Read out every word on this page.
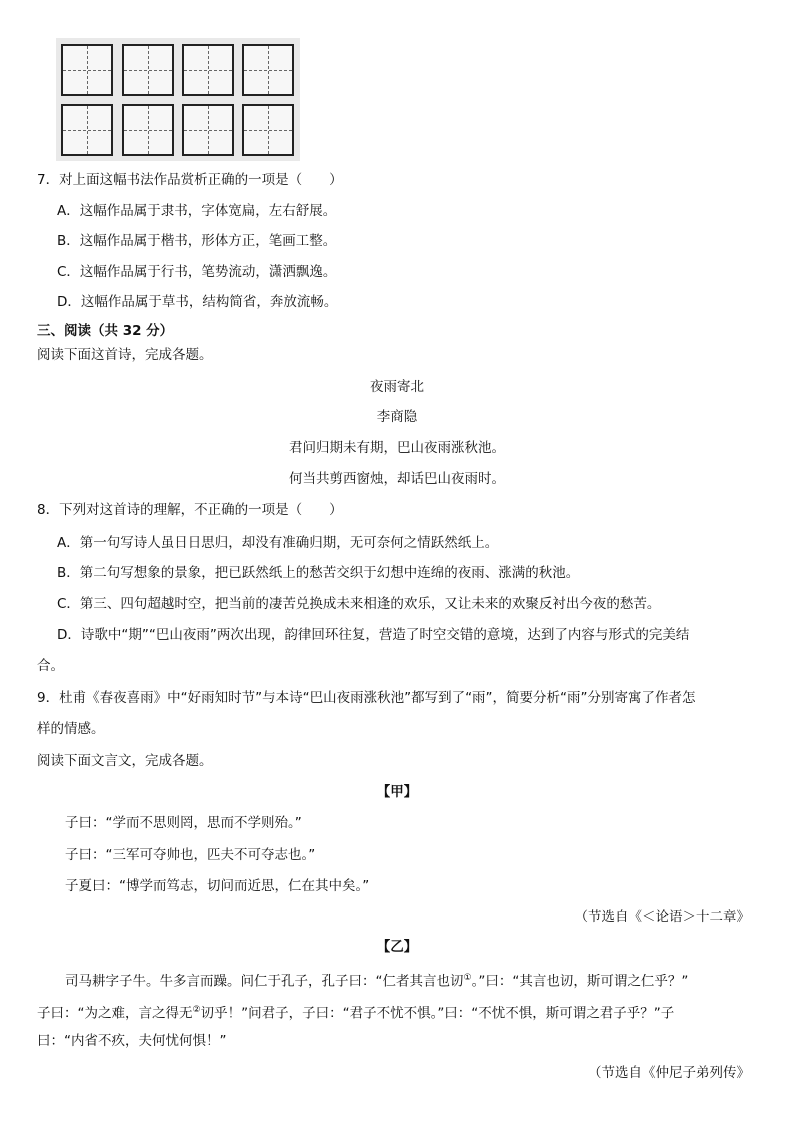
7．对上面这幅书法作品赏析正确的一项是（　　）
A．这幅作品属于隶书，字体宽扁，左右舒展。
B．这幅作品属于楷书，形体方正，笔画工整。
C．这幅作品属于行书，笔势流动，潇洒飘逸。
D．这幅作品属于草书，结构简省，奔放流畅。
三、阅读（共 32 分）
阅读下面这首诗，完成各题。
夜雨寄北
李商隐
君问归期未有期，巴山夜雨涨秋池。
何当共剪西窗烛，却话巴山夜雨时。
8．下列对这首诗的理解，不正确的一项是（　　）
A．第一句写诗人虽日日思归，却没有准确归期，无可奈何之情跃然纸上。
B．第二句写想象的景象，把已跃然纸上的愁苦交织于幻想中连绵的夜雨、涨满的秋池。
C．第三、四句超越时空，把当前的凄苦兑换成未来相逢的欢乐，又让未来的欢聚反衬出今夜的愁苦。
D．诗歌中“期”“巴山夜雨”两次出现，韵律回环往复，营造了时空交错的意境，达到了内容与形式的完美结
合。
9．杜甫《春夜喜雨》中“好雨知时节”与本诗“巴山夜雨涨秋池”都写到了“雨”，简要分析“雨”分别寄寓了作者怎
样的情感。
阅读下面文言文，完成各题。
【甲】
子曰：“学而不思则罔，思而不学则殆。”
子曰：“三军可夺帅也，匹夫不可夺志也。”
子夏曰：“博学而笃志，切问而近思，仁在其中矣。”
（节选自《＜论语＞十二章》
【乙】
司马耕字子牛。牛多言而躁。问仁于孔子，孔子曰：“仁者其言也讱①。”曰：“其言也讱，斯可谓之仁乎？”
子曰：“为之难，言之得无②讱乎！”问君子，子曰：“君子不忧不惧。”曰：“不忧不惧，斯可谓之君子乎？”子
曰：“内省不疚，夫何忧何惧！”
（节选自《仲尼子弟列传》
